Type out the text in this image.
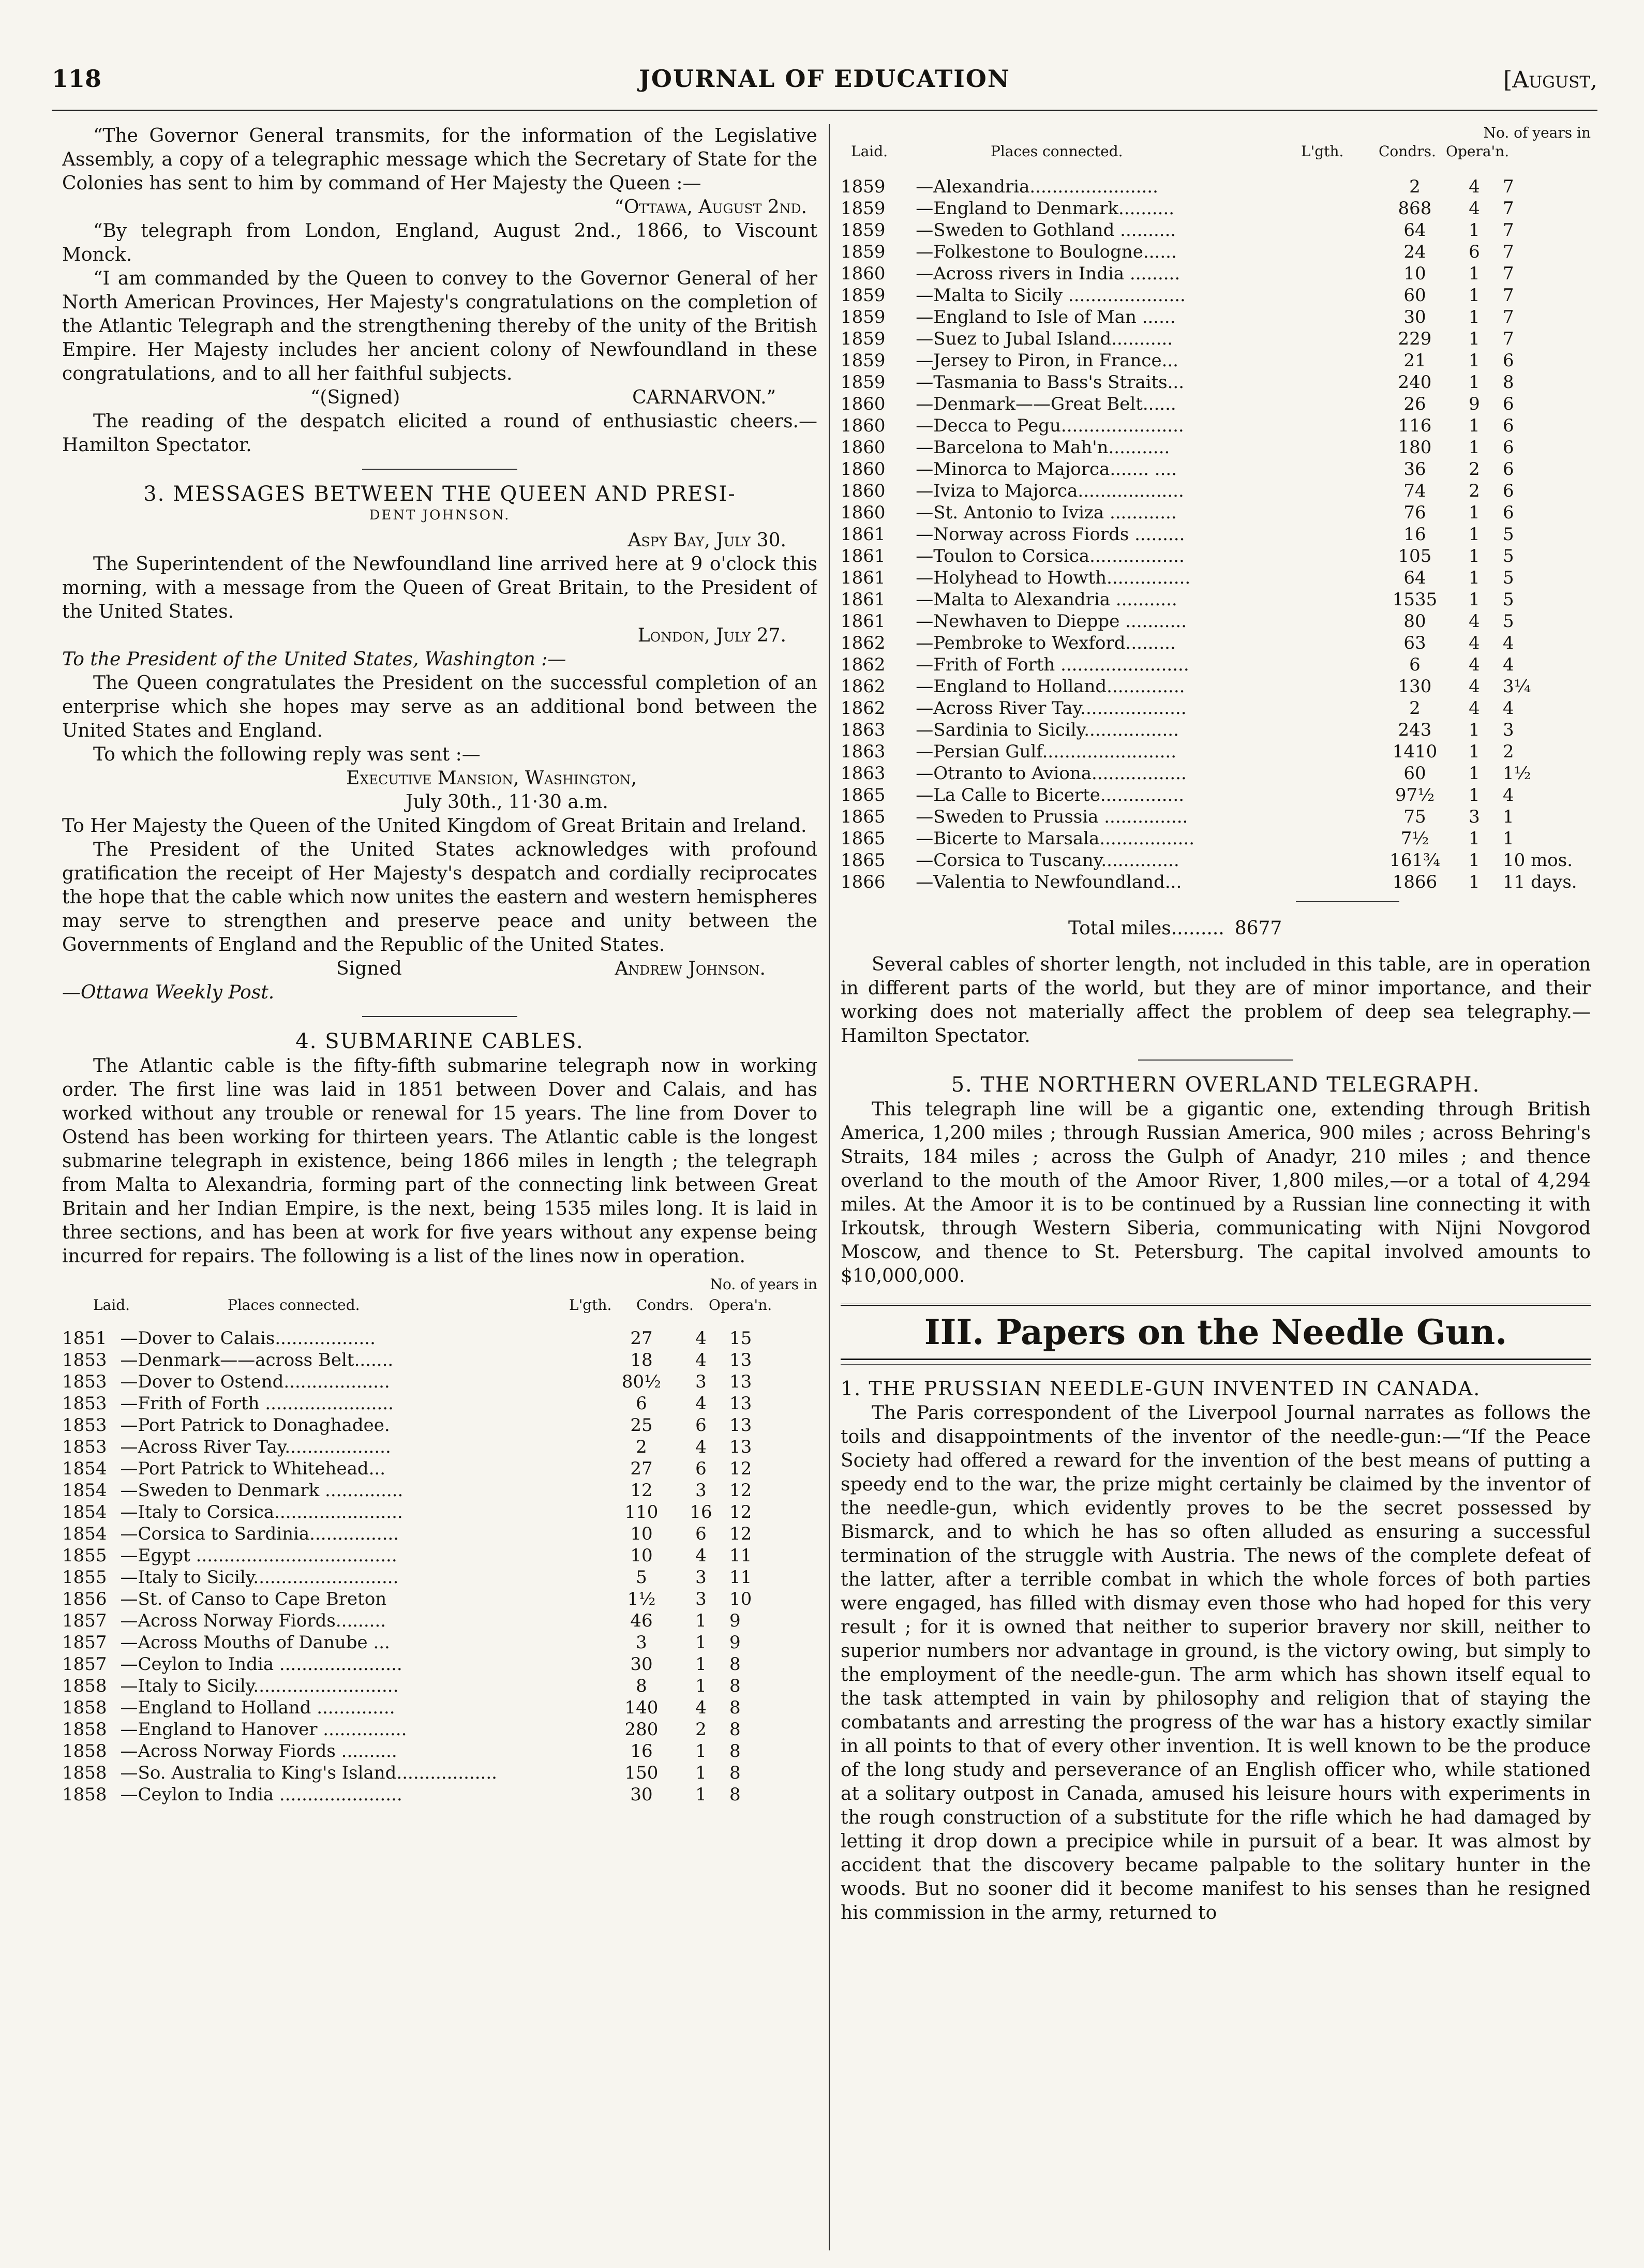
118	JOURNAL OF EDUCATION	[August,

“The Governor General transmits, for the information of the Legislative Assembly, a copy of a telegraphic message which the Secretary of State for the Colonies has sent to him by command of Her Majesty the Queen :—

“Ottawa, August 2nd.

“By telegraph from London, England, August 2nd., 1866, to Viscount Monck.

“I am commanded by the Queen to convey to the Governor General of her North American Provinces, Her Majesty's congratulations on the completion of the Atlantic Telegraph and the strengthening thereby of the unity of the British Empire. Her Majesty includes her ancient colony of Newfoundland in these congratulations, and to all her faithful subjects.

“(Signed)	CARNARVON.”

The reading of the despatch elicited a round of enthusiastic cheers.—Hamilton Spectator.

3. MESSAGES BETWEEN THE QUEEN AND PRESI-
DENT JOHNSON.

Aspy Bay, July 30.

The Superintendent of the Newfoundland line arrived here at 9 o'clock this morning, with a message from the Queen of Great Britain, to the President of the United States.

London, July 27.

To the President of the United States, Washington :—

The Queen congratulates the President on the successful completion of an enterprise which she hopes may serve as an additional bond between the United States and England.

To which the following reply was sent :—

Executive Mansion, Washington,

July 30th., 11·30 a.m.

To Her Majesty the Queen of the United Kingdom of Great Britain and Ireland.

The President of the United States acknowledges with profound gratification the receipt of Her Majesty's despatch and cordially reciprocates the hope that the cable which now unites the eastern and western hemispheres may serve to strengthen and preserve peace and unity between the Governments of England and the Republic of the United States.

Signed	Andrew Johnson.

—Ottawa Weekly Post.

4. SUBMARINE CABLES.

The Atlantic cable is the fifty-fifth submarine telegraph now in working order. The first line was laid in 1851 between Dover and Calais, and has worked without any trouble or renewal for 15 years. The line from Dover to Ostend has been working for thirteen years. The Atlantic cable is the longest submarine telegraph in existence, being 1866 miles in length ; the telegraph from Malta to Alexandria, forming part of the connecting link between Great Britain and her Indian Empire, is the next, being 1535 miles long. It is laid in three sections, and has been at work for five years without any expense being incurred for repairs. The following is a list of the lines now in operation.

No. of years in
Laid.	Places connected.	L'gth. Condrs. Opera'n.
1851	—Dover to Calais..................	27	4	15
1853	—Denmark——across Belt.......	18	4	13
1853	—Dover to Ostend...................	80½	3	13
1853	—Frith of Forth .......................	6	4	13
1853	—Port Patrick to Donaghadee.	25	6	13
1853	—Across River Tay...................	2	4	13
1854	—Port Patrick to Whitehead...	27	6	12
1854	—Sweden to Denmark ..............	12	3	12
1854	—Italy to Corsica.......................	110	16	12
1854	—Corsica to Sardinia................	10	6	12
1855	—Egypt ....................................	10	4	11
1855	—Italy to Sicily..........................	5	3	11
1856	—St. of Canso to Cape Breton	1½	3	10
1857	—Across Norway Fiords.........	46	1	9
1857	—Across Mouths of Danube ...	3	1	9
1857	—Ceylon to India ......................	30	1	8
1858	—Italy to Sicily..........................	8	1	8
1858	—England to Holland ..............	140	4	8
1858	—England to Hanover ...............	280	2	8
1858	—Across Norway Fiords ..........	16	1	8
1858	—So. Australia to King's Island..................	150	1	8
1858	—Ceylon to India ......................	30	1	8
No. of years in
Laid.	Places connected.	L'gth. Condrs. Opera'n.
1859	—Alexandria.......................	2	4	7
1859	—England to Denmark..........	868	4	7
1859	—Sweden to Gothland ..........	64	1	7
1859	—Folkestone to Boulogne......	24	6	7
1860	—Across rivers in India .........	10	1	7
1859	—Malta to Sicily .....................	60	1	7
1859	—England to Isle of Man ......	30	1	7
1859	—Suez to Jubal Island...........	229	1	7
1859	—Jersey to Piron, in France...	21	1	6
1859	—Tasmania to Bass's Straits...	240	1	8
1860	—Denmark——Great Belt......	26	9	6
1860	—Decca to Pegu......................	116	1	6
1860	—Barcelona to Mah'n...........	180	1	6
1860	—Minorca to Majorca....... ....	36	2	6
1860	—Iviza to Majorca...................	74	2	6
1860	—St. Antonio to Iviza ............	76	1	6
1861	—Norway across Fiords .........	16	1	5
1861	—Toulon to Corsica.................	105	1	5
1861	—Holyhead to Howth...............	64	1	5
1861	—Malta to Alexandria ...........	1535	1	5
1861	—Newhaven to Dieppe ...........	80	4	5
1862	—Pembroke to Wexford.........	63	4	4
1862	—Frith of Forth .......................	6	4	4
1862	—England to Holland..............	130	4	3¼
1862	—Across River Tay...................	2	4	4
1863	—Sardinia to Sicily.................	243	1	3
1863	—Persian Gulf........................	1410	1	2
1863	—Otranto to Aviona.................	60	1	1½
1865	—La Calle to Bicerte...............	97½	1	4
1865	—Sweden to Prussia ...............	75	3	1
1865	—Bicerte to Marsala.................	7½	1	1
1865	—Corsica to Tuscany..............	161¾	1	10 mos.
1866	—Valentia to Newfoundland...	1866	1	11 days.
Total miles......... 8677

Several cables of shorter length, not included in this table, are in operation in different parts of the world, but they are of minor importance, and their working does not materially affect the problem of deep sea telegraphy.—Hamilton Spectator.

5. THE NORTHERN OVERLAND TELEGRAPH.

This telegraph line will be a gigantic one, extending through British America, 1,200 miles ; through Russian America, 900 miles ; across Behring's Straits, 184 miles ; across the Gulph of Anadyr, 210 miles ; and thence overland to the mouth of the Amoor River, 1,800 miles,—or a total of 4,294 miles. At the Amoor it is to be continued by a Russian line connecting it with Irkoutsk, through Western Siberia, communicating with Nijni Novgorod Moscow, and thence to St. Petersburg. The capital involved amounts to $10,000,000.

III. Papers on the Needle Gun.
1. THE PRUSSIAN NEEDLE-GUN INVENTED IN CANADA.

The Paris correspondent of the Liverpool Journal narrates as follows the toils and disappointments of the inventor of the needle-gun:—“If the Peace Society had offered a reward for the invention of the best means of putting a speedy end to the war, the prize might certainly be claimed by the inventor of the needle-gun, which evidently proves to be the secret possessed by Bismarck, and to which he has so often alluded as ensuring a successful termination of the struggle with Austria. The news of the complete defeat of the latter, after a terrible combat in which the whole forces of both parties were engaged, has filled with dismay even those who had hoped for this very result ; for it is owned that neither to superior bravery nor skill, neither to superior numbers nor advantage in ground, is the victory owing, but simply to the employment of the needle-gun. The arm which has shown itself equal to the task attempted in vain by philosophy and religion that of staying the combatants and arresting the progress of the war has a history exactly similar in all points to that of every other invention. It is well known to be the produce of the long study and perseverance of an English officer who, while stationed at a solitary outpost in Canada, amused his leisure hours with experiments in the rough construction of a substitute for the rifle which he had damaged by letting it drop down a precipice while in pursuit of a bear. It was almost by accident that the discovery became palpable to the solitary hunter in the woods. But no sooner did it become manifest to his senses than he resigned his commission in the army, returned to
